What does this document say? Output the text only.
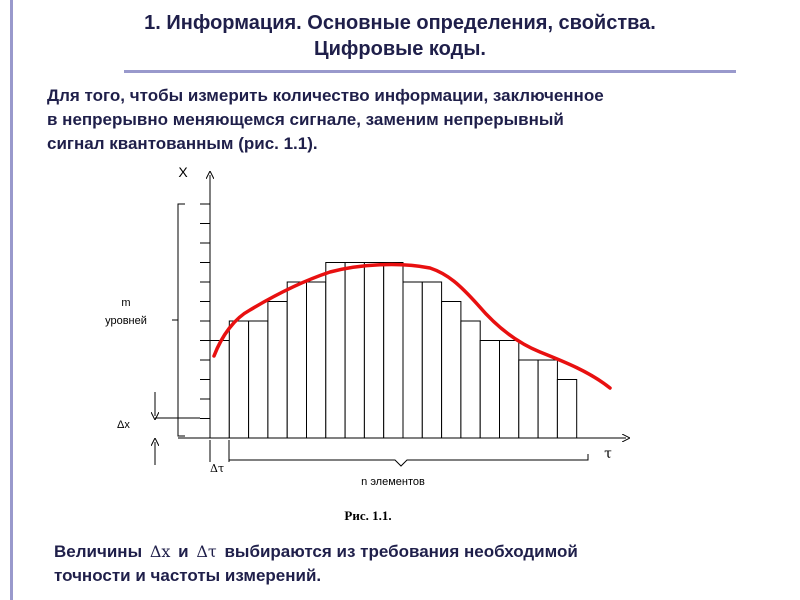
1. Информация. Основные определения, свойства.
Цифровые коды.
Для того, чтобы измерить количество информации, заключенное
в непрерывно меняющемся сигнале, заменим непрерывный
сигнал квантованным (рис. 1.1).
X
τ
m
уровней
Δx
Δτ
n элементов
Рис. 1.1.
Величины Δx и Δτ выбираются из требования необходимой
точности и частоты измерений.
